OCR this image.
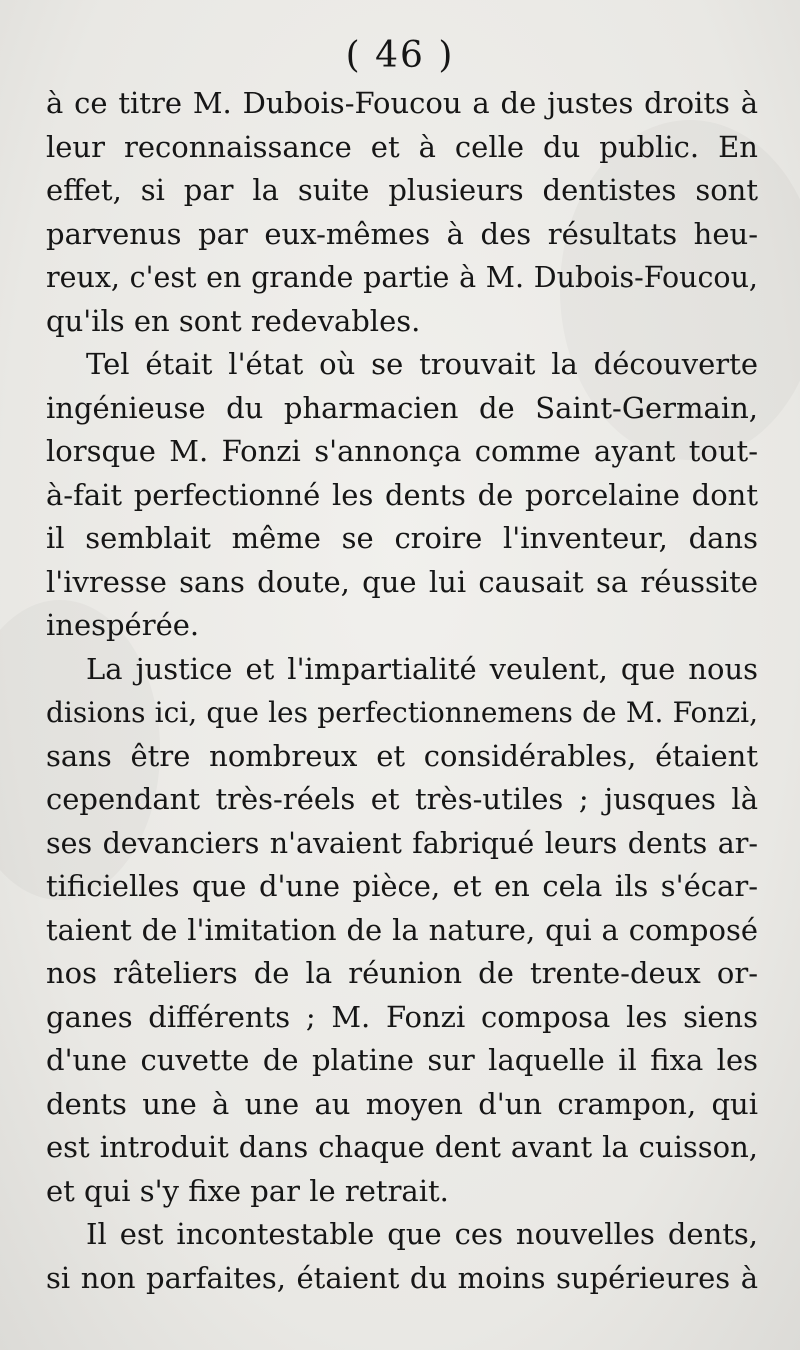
( 46 )
à ce titre M. Dubois-Foucou a de justes droits à
leur reconnaissance et à celle du public. En
effet, si par la suite plusieurs dentistes sont
parvenus par eux-mêmes à des résultats heu-
reux, c'est en grande partie à M. Dubois-Foucou,
qu'ils en sont redevables.
Tel était l'état où se trouvait la découverte
ingénieuse du pharmacien de Saint-Germain,
lorsque M. Fonzi s'annonça comme ayant tout-
à-fait perfectionné les dents de porcelaine dont
il semblait même se croire l'inventeur, dans
l'ivresse sans doute, que lui causait sa réussite
inespérée.
La justice et l'impartialité veulent, que nous
disions ici, que les perfectionnemens de M. Fonzi,
sans être nombreux et considérables, étaient
cependant très-réels et très-utiles ; jusques là
ses devanciers n'avaient fabriqué leurs dents ar-
tificielles que d'une pièce, et en cela ils s'écar-
taient de l'imitation de la nature, qui a composé
nos râteliers de la réunion de trente-deux or-
ganes différents ; M. Fonzi composa les siens
d'une cuvette de platine sur laquelle il fixa les
dents une à une au moyen d'un crampon, qui
est introduit dans chaque dent avant la cuisson,
et qui s'y fixe par le retrait.
Il est incontestable que ces nouvelles dents,
si non parfaites, étaient du moins supérieures à
